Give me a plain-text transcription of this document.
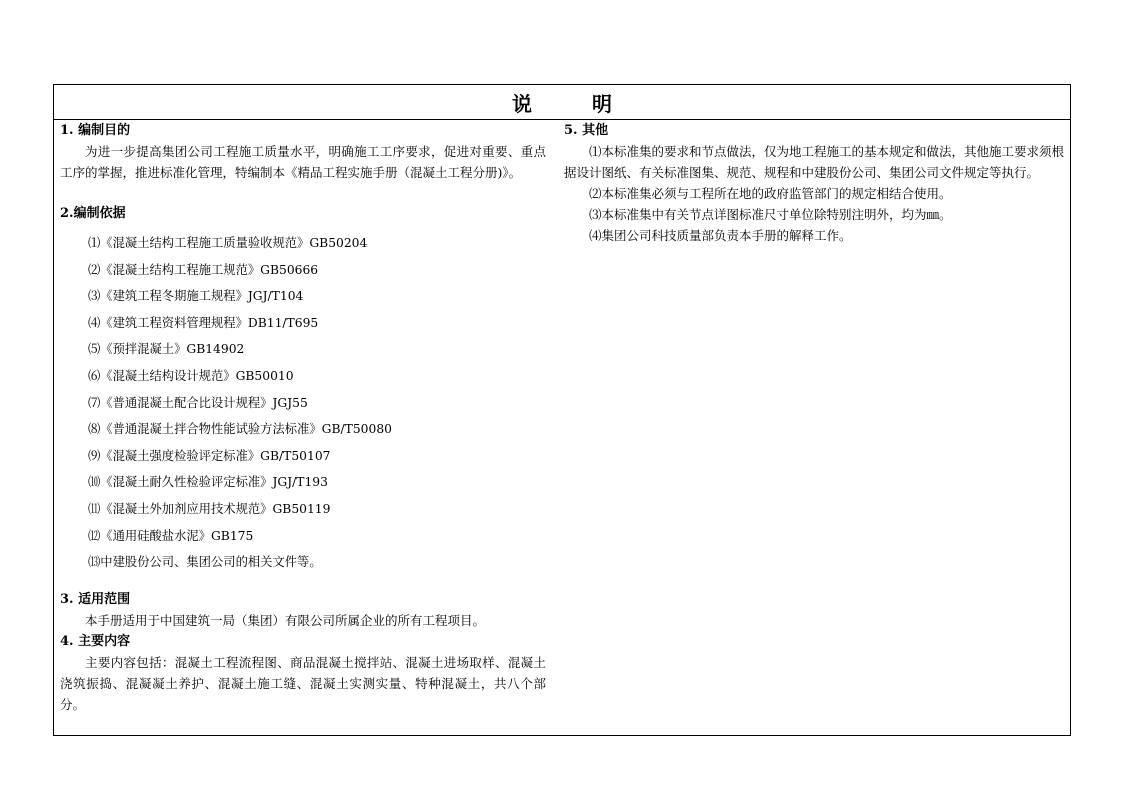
说	明
1. 编制目的

为进一步提高集团公司工程施工质量水平，明确施工工序要求，促进对重要、重点工序的掌握，推进标准化管理，特编制本《精品工程实施手册（混凝土工程分册)》。

2.编制依据
⑴《混凝土结构工程施工质量验收规范》GB50204
⑵《混凝土结构工程施工规范》GB50666
⑶《建筑工程冬期施工规程》JGJ/T104
⑷《建筑工程资料管理规程》DB11/T695
⑸《预拌混凝土》GB14902
⑹《混凝土结构设计规范》GB50010
⑺《普通混凝土配合比设计规程》JGJ55
⑻《普通混凝土拌合物性能试验方法标准》GB/T50080
⑼《混凝土强度检验评定标准》GB/T50107
⑽《混凝土耐久性检验评定标准》JGJ/T193
⑾《混凝土外加剂应用技术规范》GB50119
⑿《通用硅酸盐水泥》GB175
⒀中建股份公司、集团公司的相关文件等。
3. 适用范围

本手册适用于中国建筑一局（集团）有限公司所属企业的所有工程项目。

4. 主要内容

主要内容包括：混凝土工程流程图、商品混凝土搅拌站、混凝土进场取样、混凝土浇筑振捣、混凝凝土养护、混凝土施工缝、混凝土实测实量、特种混凝土，共八个部分。

5. 其他

⑴本标准集的要求和节点做法，仅为地工程施工的基本规定和做法，其他施工要求须根据设计图纸、有关标准图集、规范、规程和中建股份公司、集团公司文件规定等执行。

⑵本标准集必须与工程所在地的政府监管部门的规定相结合使用。

⑶本标准集中有关节点详图标准尺寸单位除特别注明外，均为㎜。

⑷集团公司科技质量部负责本手册的解释工作。
